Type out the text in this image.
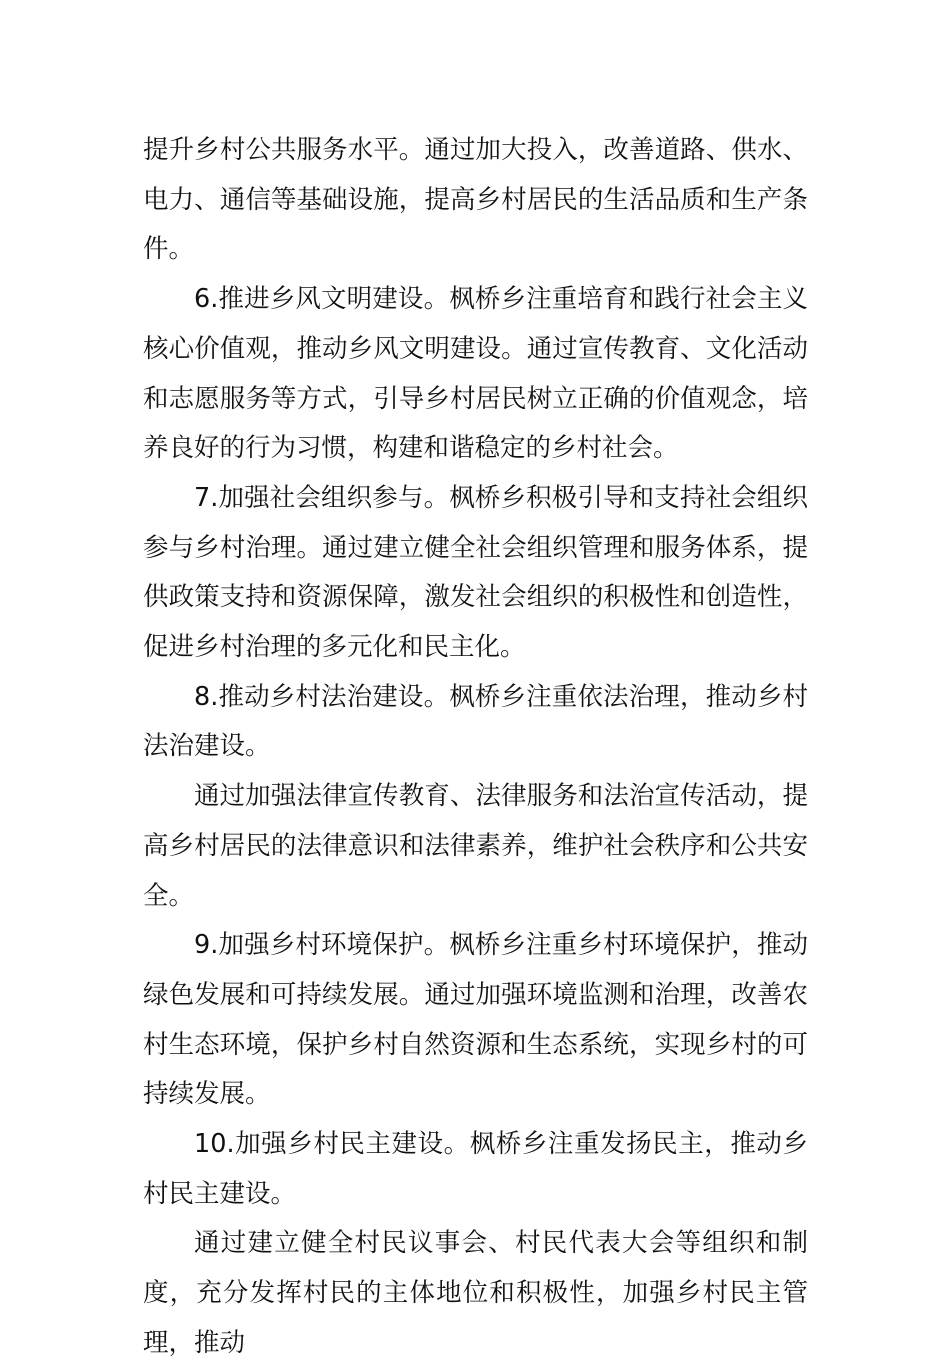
提升乡村公共服务水平。通过加大投入，改善道路、供水、电力、通信等基础设施，提高乡村居民的生活品质和生产条件。

6.推进乡风文明建设。枫桥乡注重培育和践行社会主义核心价值观，推动乡风文明建设。通过宣传教育、文化活动和志愿服务等方式，引导乡村居民树立正确的价值观念，培养良好的行为习惯，构建和谐稳定的乡村社会。

7.加强社会组织参与。枫桥乡积极引导和支持社会组织参与乡村治理。通过建立健全社会组织管理和服务体系，提供政策支持和资源保障，激发社会组织的积极性和创造性，促进乡村治理的多元化和民主化。

8.推动乡村法治建设。枫桥乡注重依法治理，推动乡村法治建设。

通过加强法律宣传教育、法律服务和法治宣传活动，提高乡村居民的法律意识和法律素养，维护社会秩序和公共安全。

9.加强乡村环境保护。枫桥乡注重乡村环境保护，推动绿色发展和可持续发展。通过加强环境监测和治理，改善农村生态环境，保护乡村自然资源和生态系统，实现乡村的可持续发展。

10.加强乡村民主建设。枫桥乡注重发扬民主，推动乡村民主建设。

通过建立健全村民议事会、村民代表大会等组织和制度，充分发挥村民的主体地位和积极性，加强乡村民主管理，推动
